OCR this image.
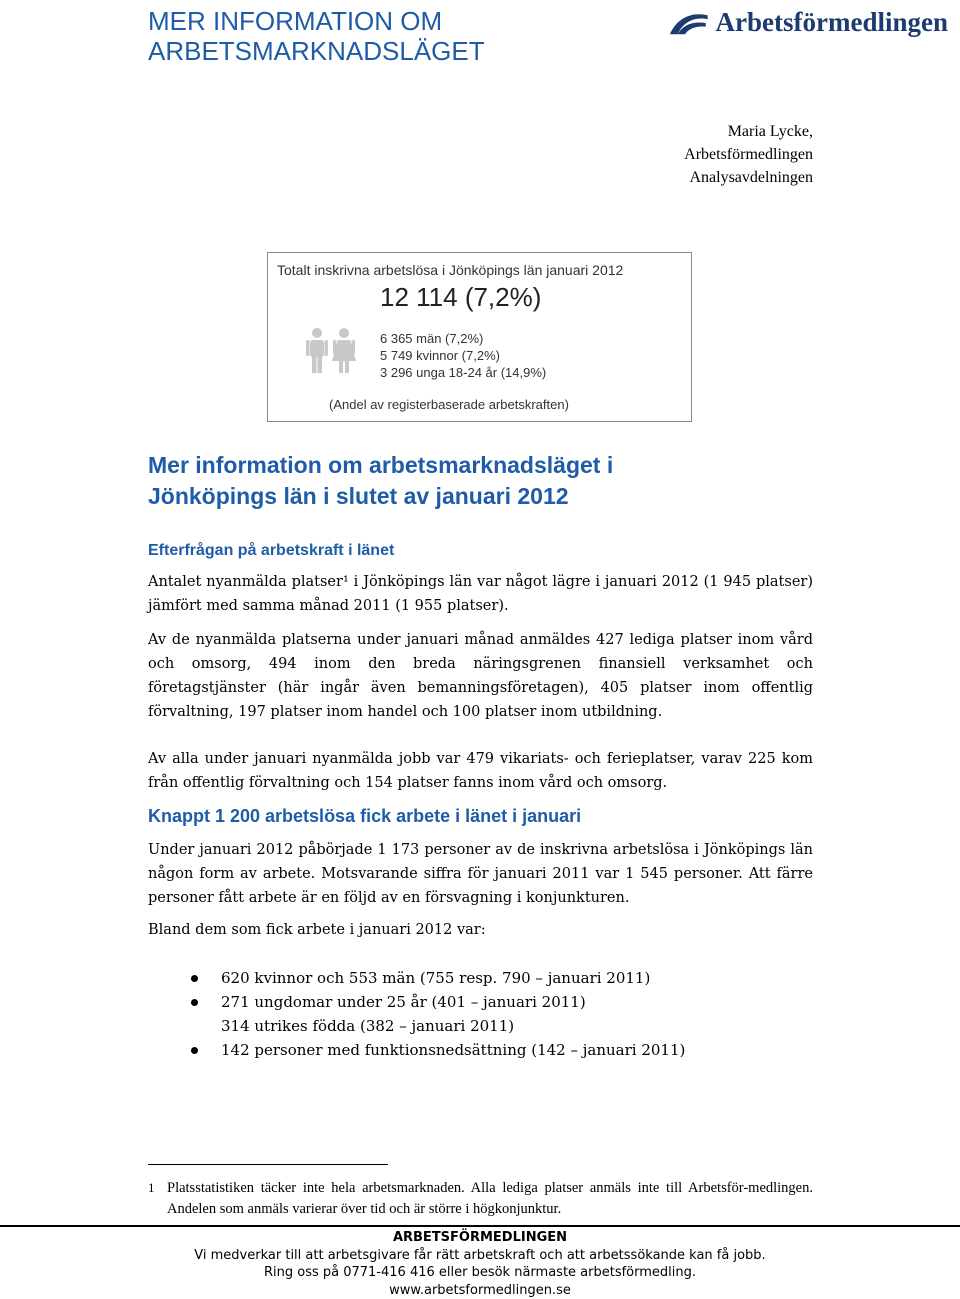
MER INFORMATION OM
ARBETSMARKNADSLÄGET
Arbetsförmedlingen
Maria Lycke,
Arbetsförmedlingen
Analysavdelningen
Totalt inskrivna arbetslösa i Jönköpings län januari 2012
12 114 (7,2%)
6 365 män (7,2%)
5 749 kvinnor (7,2%)
3 296 unga 18-24 år (14,9%)
(Andel av registerbaserade arbetskraften)
Mer information om arbetsmarknadsläget i
Jönköpings län i slutet av januari 2012
Efterfrågan på arbetskraft i länet

Antalet nyanmälda platser¹ i Jönköpings län var något lägre i januari 2012 (1 945 platser) jämfört med samma månad 2011 (1 955 platser).

Av de nyanmälda platserna under januari månad anmäldes 427 lediga platser inom vård och omsorg, 494 inom den breda näringsgrenen finansiell verksamhet och företagstjänster (här ingår även bemanningsföretagen), 405 platser inom offentlig förvaltning, 197 platser inom handel och 100 platser inom utbildning.

Av alla under januari nyanmälda jobb var 479 vikariats- och ferieplatser, varav 225 kom från offentlig förvaltning och 154 platser fanns inom vård och omsorg.

Knappt 1 200 arbetslösa fick arbete i länet i januari

Under januari 2012 påbörjade 1 173 personer av de inskrivna arbetslösa i Jönköpings län någon form av arbete. Motsvarande siffra för januari 2011 var 1 545 personer. Att färre personer fått arbete är en följd av en försvagning i konjunkturen.

Bland dem som fick arbete i januari 2012 var:

620 kvinnor och 553 män (755 resp. 790 – januari 2011)
271 ungdomar under 25 år (401 – januari 2011)
314 utrikes födda (382 – januari 2011)
142 personer med funktionsnedsättning (142 – januari 2011)
1 Platsstatistiken täcker inte hela arbetsmarknaden. Alla lediga platser anmäls inte till Arbetsför-medlingen. Andelen som anmäls varierar över tid och är större i högkonjunktur.
ARBETSFÖRMEDLINGEN
Vi medverkar till att arbetsgivare får rätt arbetskraft och att arbetssökande kan få jobb.
Ring oss på 0771-416 416 eller besök närmaste arbetsförmedling.
www.arbetsformedlingen.se
